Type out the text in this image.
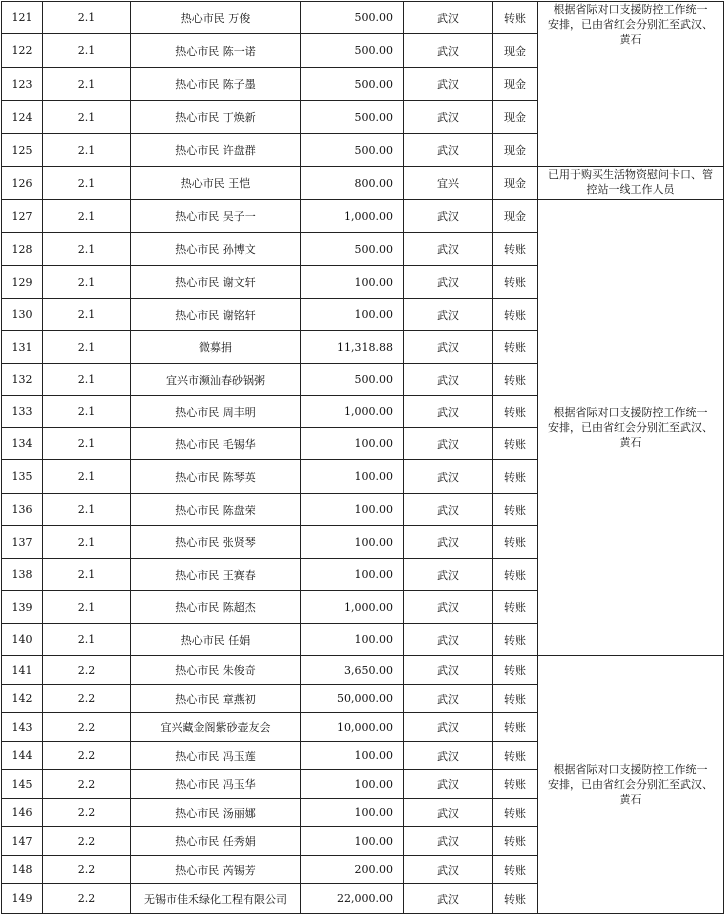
121	2.1	热心市民 万俊	500.00	武汉	转账	根据省际对口支援防控工作统一
安排，已由省红会分别汇至武汉、
黄石

122	2.1	热心市民 陈一诺	500.00	武汉	现金	
123	2.1	热心市民 陈子墨	500.00	武汉	现金	
124	2.1	热心市民 丁焕新	500.00	武汉	现金	
125	2.1	热心市民 许盘群	500.00	武汉	现金	
126	2.1	热心市民 王恺	800.00	宜兴	现金	已用于购买生活物资慰问卡口、管
控站一线工作人员

127	2.1	热心市民 吴子一	1,000.00	武汉	现金	根据省际对口支援防控工作统一
安排，已由省红会分别汇至武汉、
黄石

128	2.1	热心市民 孙博文	500.00	武汉	转账	
129	2.1	热心市民 谢文轩	100.00	武汉	转账	
130	2.1	热心市民 谢铭轩	100.00	武汉	转账	
131	2.1	微募捐	11,318.88	武汉	转账	
132	2.1	宜兴市濒汕春砂锅粥	500.00	武汉	转账	
133	2.1	热心市民 周丰明	1,000.00	武汉	转账	
134	2.1	热心市民 毛锡华	100.00	武汉	转账	
135	2.1	热心市民 陈琴英	100.00	武汉	转账	
136	2.1	热心市民 陈盘荣	100.00	武汉	转账	
137	2.1	热心市民 张贤琴	100.00	武汉	转账	
138	2.1	热心市民 王赛春	100.00	武汉	转账	
139	2.1	热心市民 陈超杰	1,000.00	武汉	转账	
140	2.1	热心市民 任娟	100.00	武汉	转账	
141	2.2	热心市民 朱俊奇	3,650.00	武汉	转账	根据省际对口支援防控工作统一
安排，已由省红会分别汇至武汉、
黄石

142	2.2	热心市民 章燕初	50,000.00	武汉	转账	
143	2.2	宜兴藏金阁紫砂壶友会	10,000.00	武汉	转账	
144	2.2	热心市民 冯玉莲	100.00	武汉	转账	
145	2.2	热心市民 冯玉华	100.00	武汉	转账	
146	2.2	热心市民 汤丽娜	100.00	武汉	转账	
147	2.2	热心市民 任秀娟	100.00	武汉	转账	
148	2.2	热心市民 芮锡芳	200.00	武汉	转账	
149	2.2	无锡市佳禾绿化工程有限公司	22,000.00	武汉	转账	
